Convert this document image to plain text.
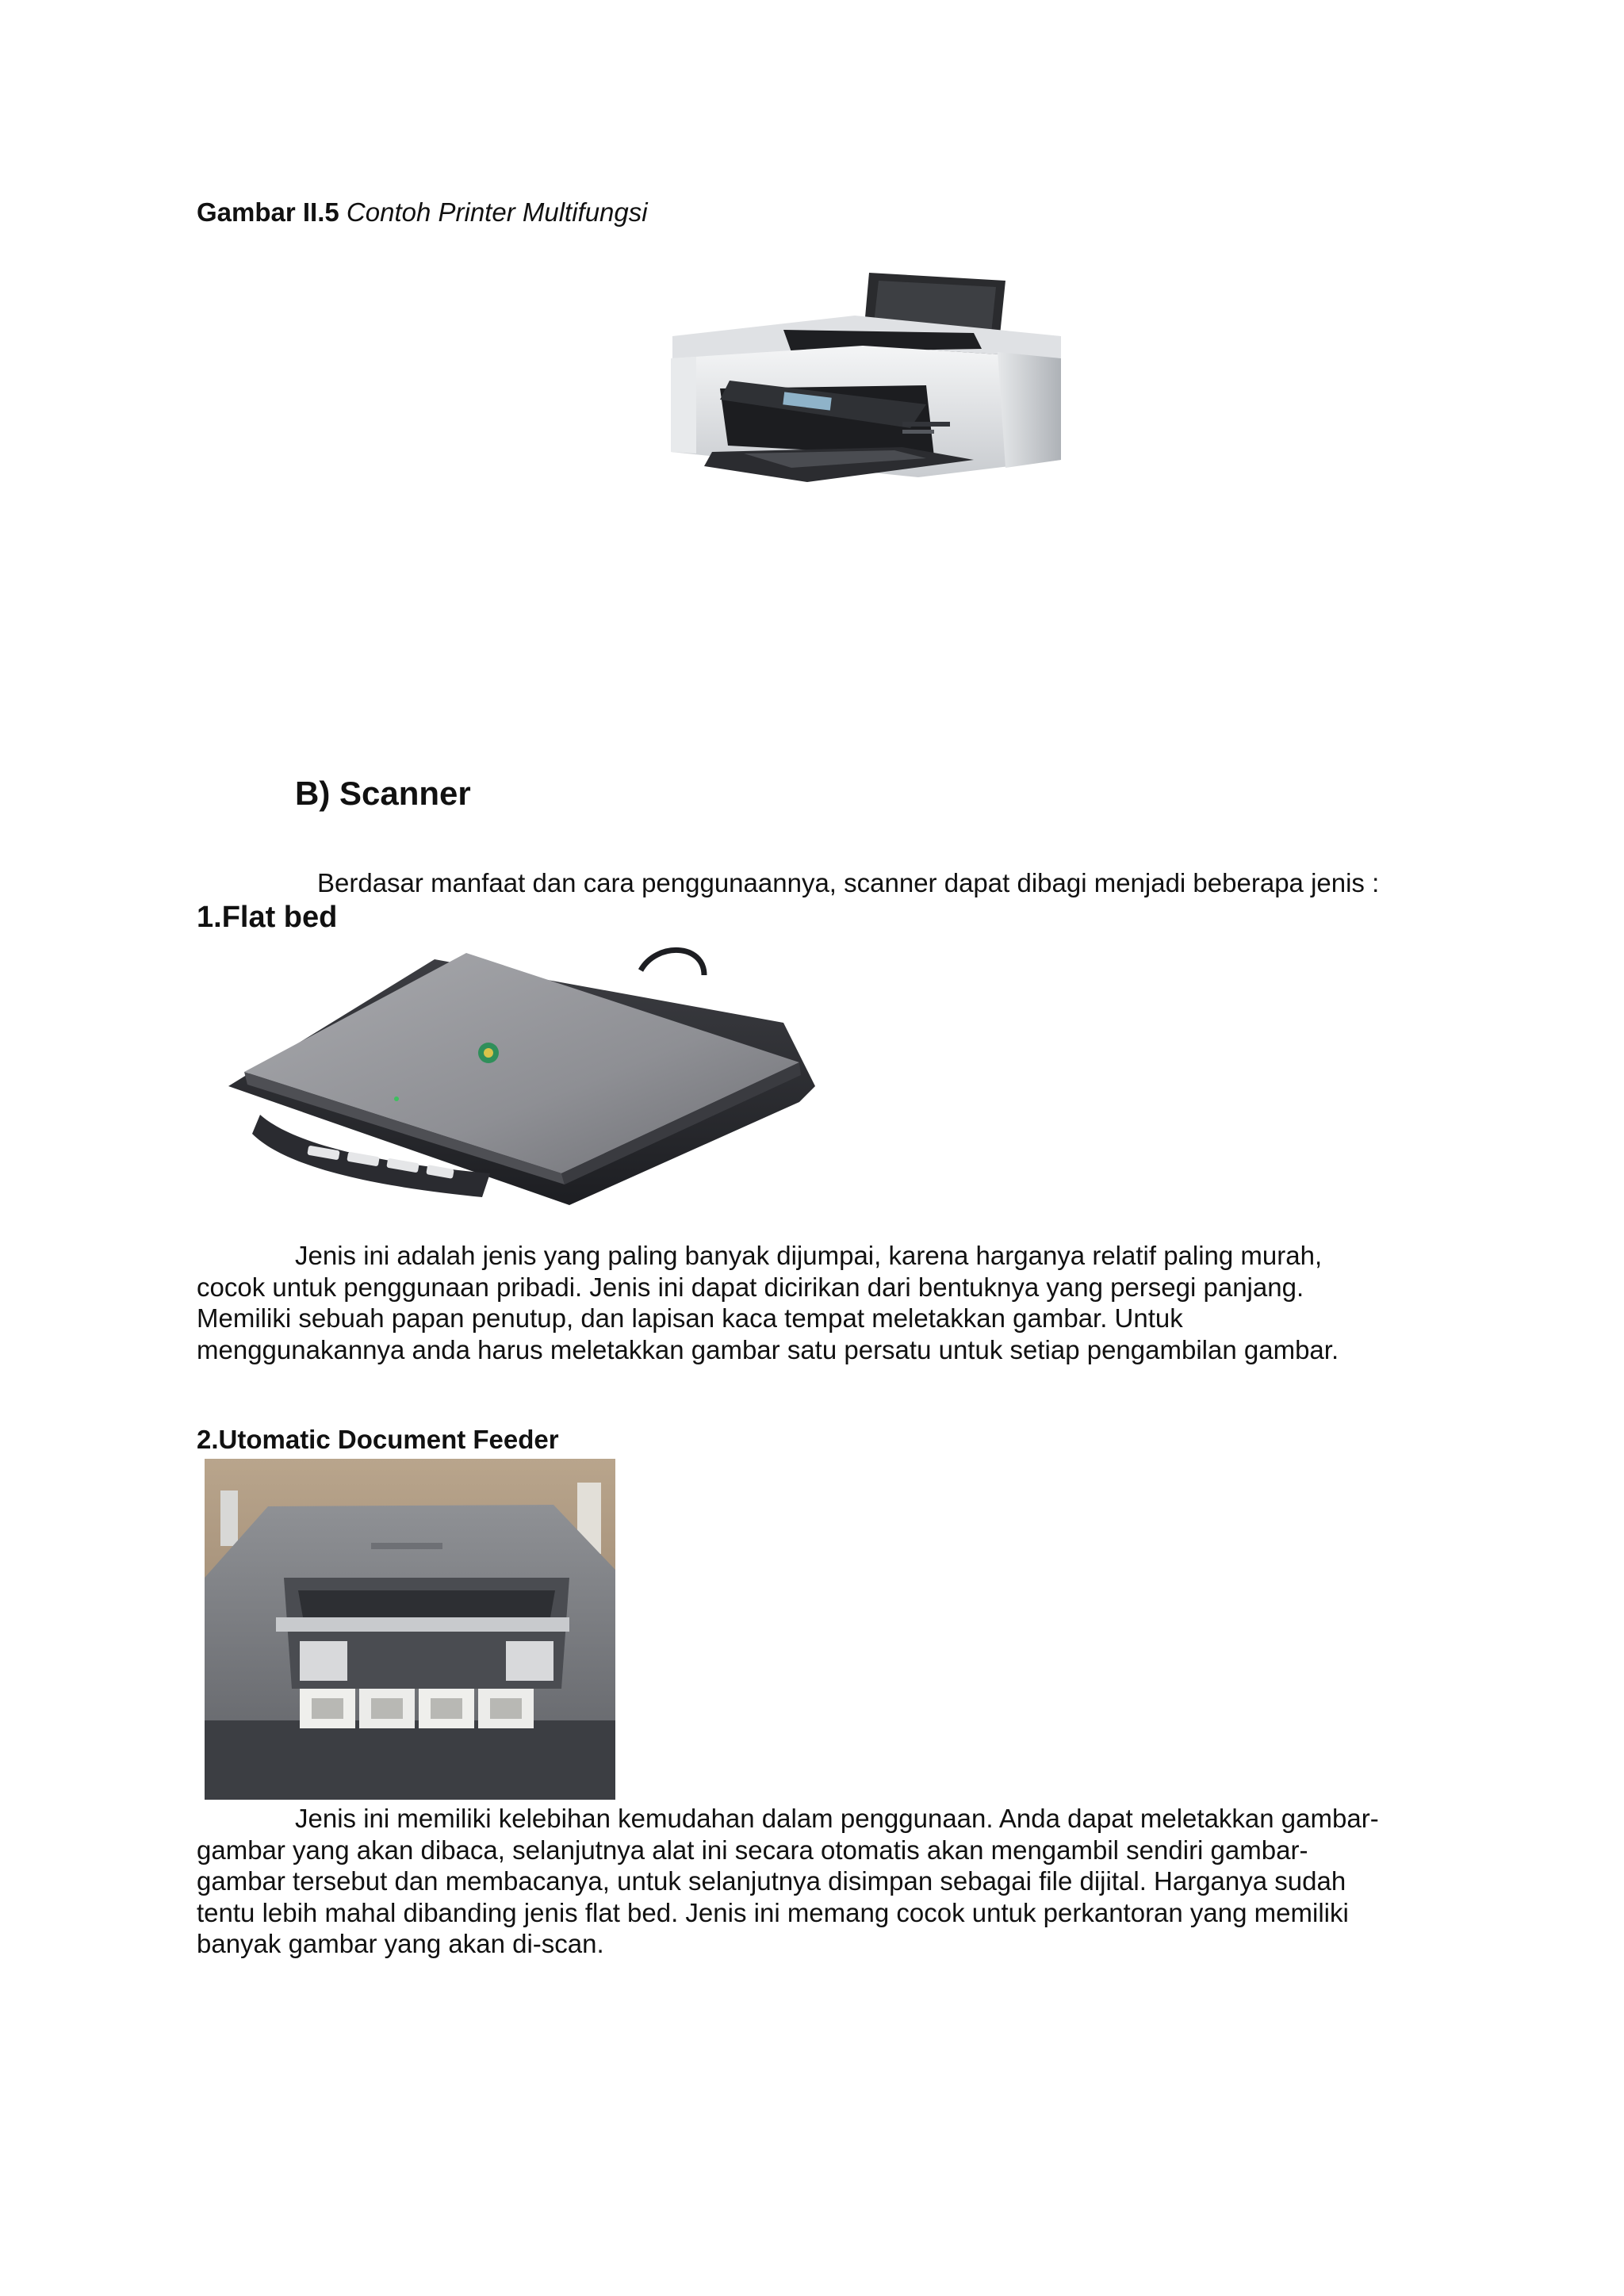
Gambar II.5 Contoh Printer Multifungsi
B) Scanner
Berdasar manfaat dan cara penggunaannya, scanner dapat dibagi menjadi beberapa jenis :
1.Flat bed
Jenis ini adalah jenis yang paling banyak dijumpai, karena harganya relatif paling murah,
cocok untuk penggunaan pribadi. Jenis ini dapat dicirikan dari bentuknya yang persegi panjang.
Memiliki sebuah papan penutup, dan lapisan kaca tempat meletakkan gambar. Untuk
menggunakannya anda harus meletakkan gambar satu persatu untuk setiap pengambilan gambar.
2.Utomatic Document Feeder
Jenis ini memiliki kelebihan kemudahan dalam penggunaan. Anda dapat meletakkan gambar-
gambar yang akan dibaca, selanjutnya alat ini secara otomatis akan mengambil sendiri gambar-
gambar tersebut dan membacanya, untuk selanjutnya disimpan sebagai file dijital. Harganya sudah
tentu lebih mahal dibanding jenis flat bed. Jenis ini memang cocok untuk perkantoran yang memiliki
banyak gambar yang akan di-scan.
